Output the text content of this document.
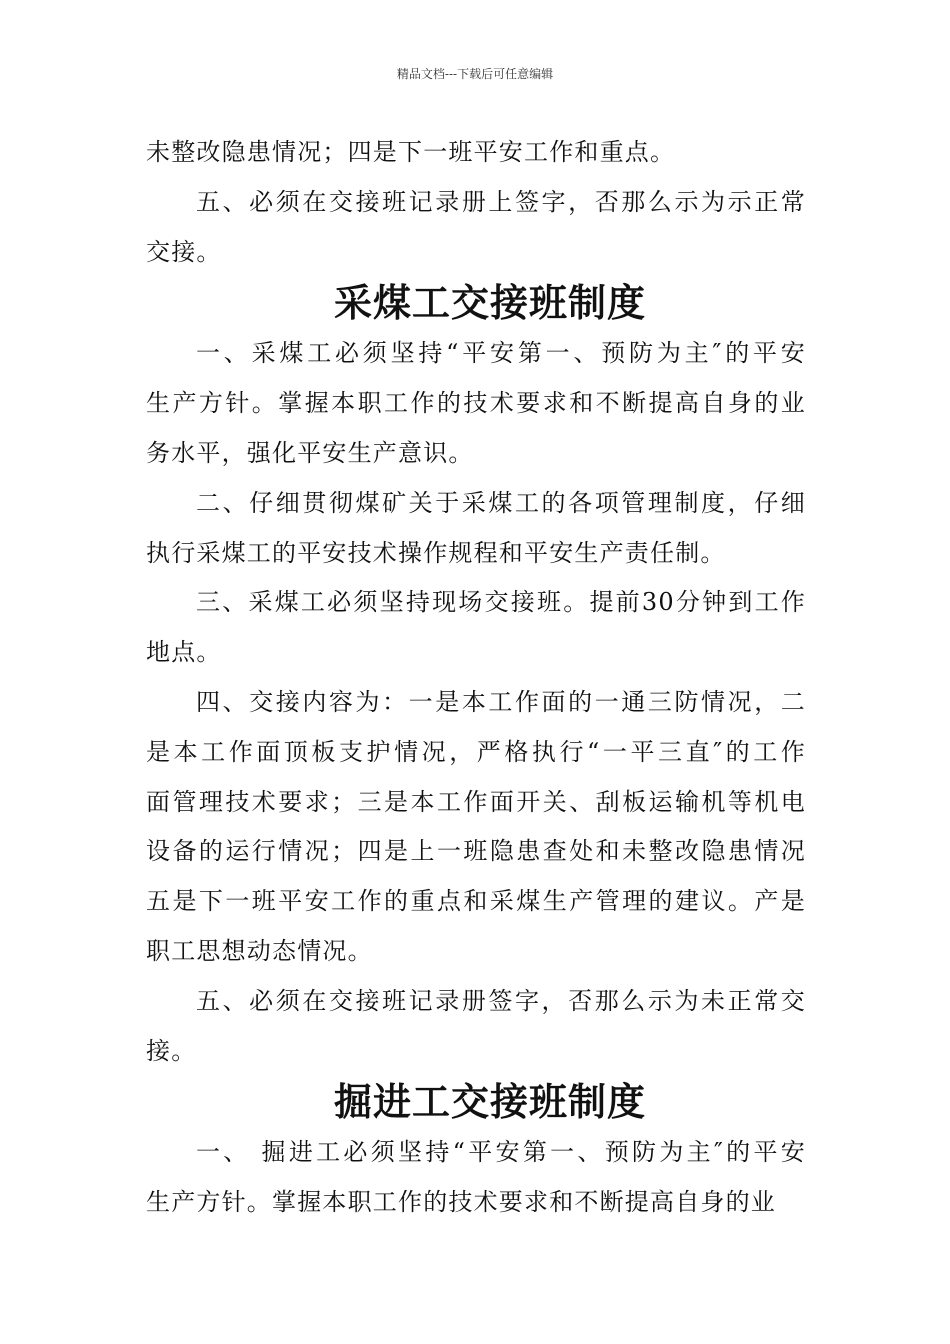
精品文档---下载后可任意编辑
未整改隐患情况；四是下一班平安工作和重点。
五、必须在交接班记录册上签字，否那么示为示正常
交接。
采煤工交接班制度
一、采煤工必须坚持“平安第一、预防为主″的平安
生产方针。掌握本职工作的技术要求和不断提高自身的业
务水平，强化平安生产意识。
二、仔细贯彻煤矿关于采煤工的各项管理制度，仔细
执行采煤工的平安技术操作规程和平安生产责任制。
三、采煤工必须坚持现场交接班。提前30分钟到工作
地点。
四、交接内容为：一是本工作面的一通三防情况，二
是本工作面顶板支护情况，严格执行“一平三直″的工作
面管理技术要求；三是本工作面开关、刮板运输机等机电
设备的运行情况；四是上一班隐患查处和未整改隐患情况
五是下一班平安工作的重点和采煤生产管理的建议。产是
职工思想动态情况。
五、必须在交接班记录册签字，否那么示为未正常交
接。
掘进工交接班制度
一、 掘进工必须坚持“平安第一、预防为主″的平安
生产方针。掌握本职工作的技术要求和不断提高自身的业
